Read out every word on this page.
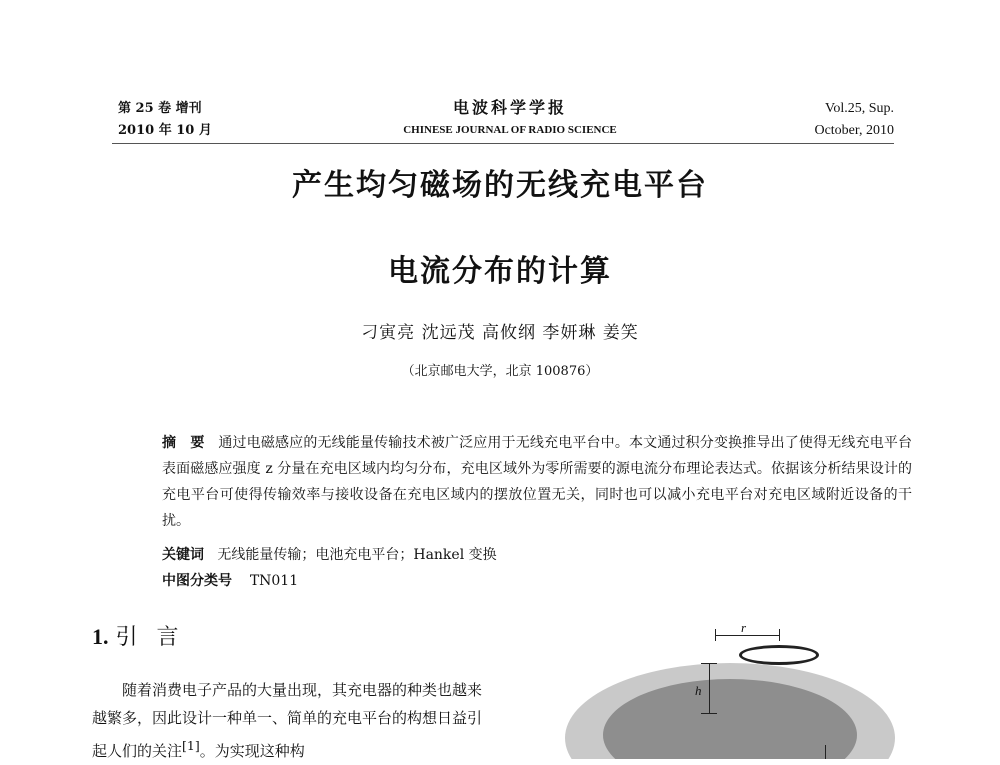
第 25 卷 增刊
2010 年 10 月
电波科学学报
CHINESE JOURNAL OF RADIO SCIENCE
Vol.25, Sup.
October, 2010
产生均匀磁场的无线充电平台
电流分布的计算
刁寅亮 沈远茂 高攸纲 李妍琳 姜笑
（北京邮电大学，北京 100876）
摘　要 通过电磁感应的无线能量传输技术被广泛应用于无线充电平台中。本文通过积分变换推导出了使得无线充电平台表面磁感应强度 z 分量在充电区域内均匀分布，充电区域外为零所需要的源电流分布理论表达式。依据该分析结果设计的充电平台可使得传输效率与接收设备在充电区域内的摆放位置无关，同时也可以减小充电平台对充电区域附近设备的干扰。
关键词 无线能量传输；电池充电平台；Hankel 变换
中图分类号 TN011
1. 引 言
随着消费电子产品的大量出现，其充电器的种类也越来越繁多，因此设计一种单一、简单的充电平台的构想日益引起人们的关注[1]。为实现这种构
r
h
